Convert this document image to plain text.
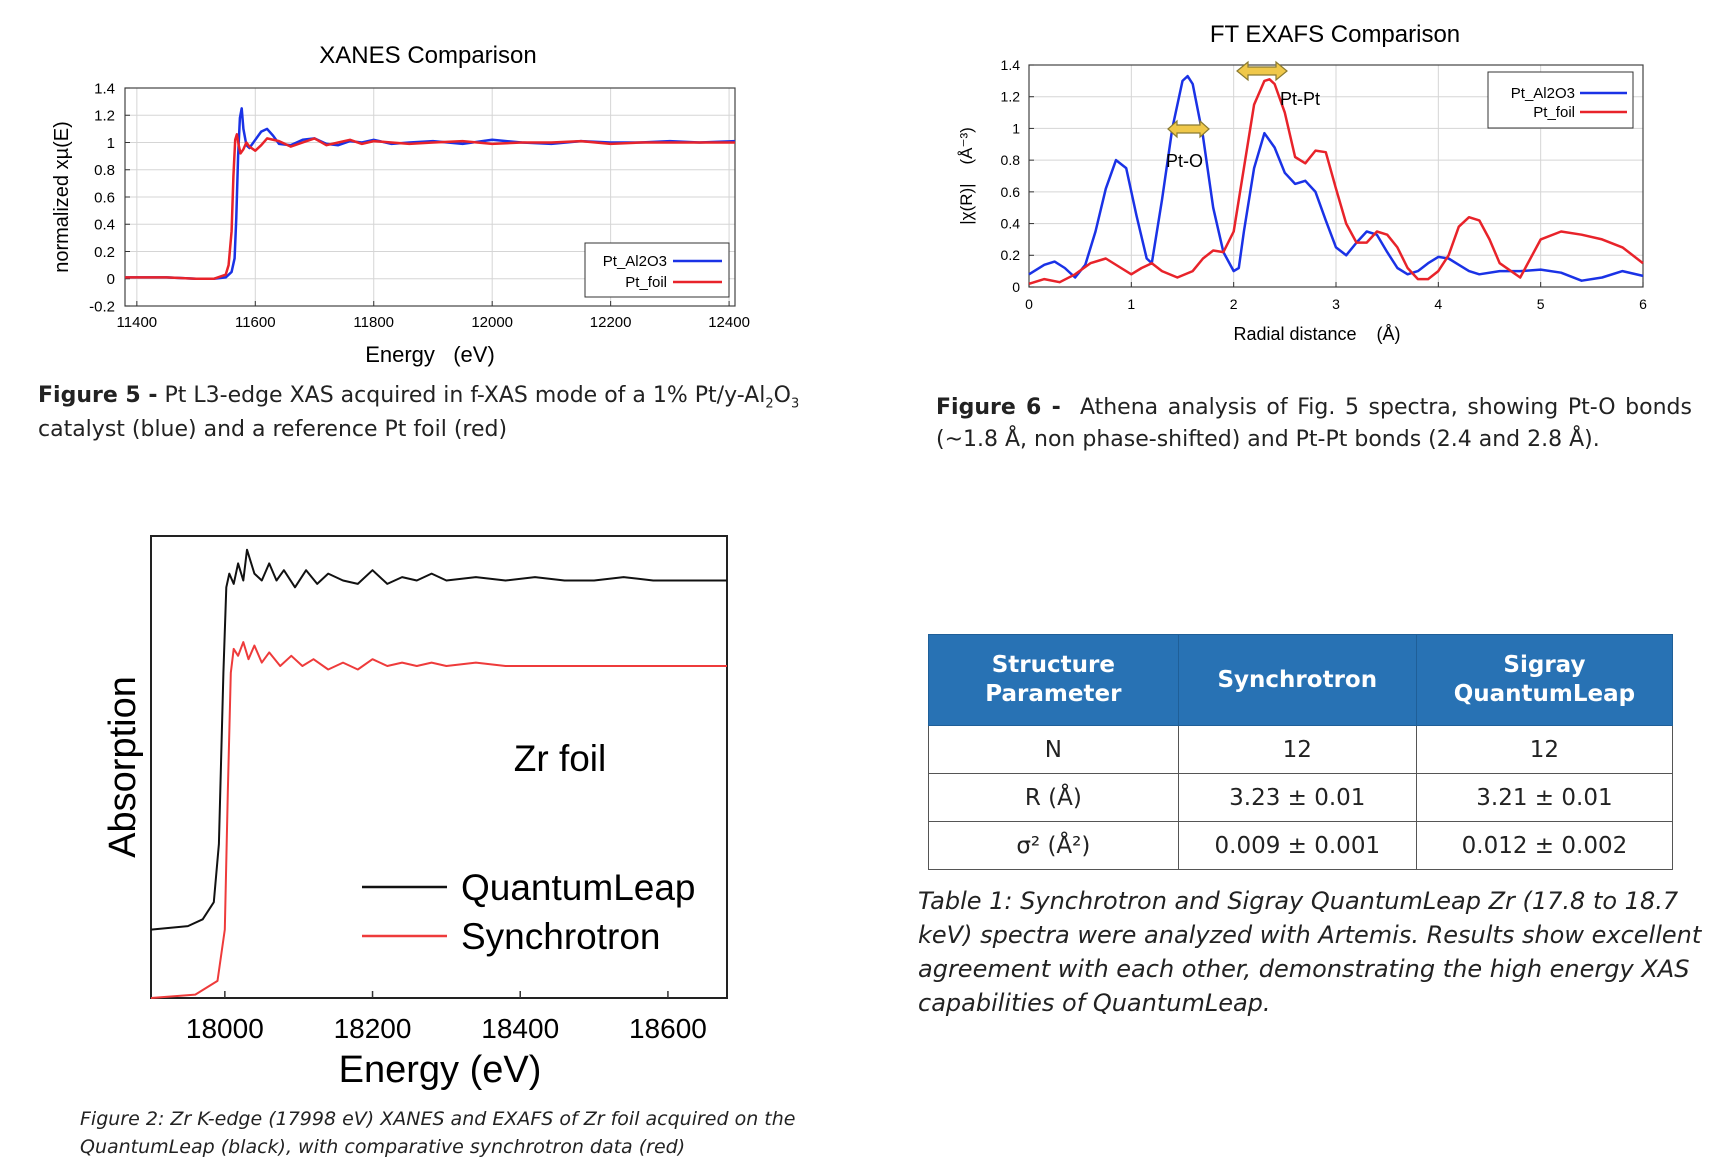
XANES Comparison
11400	11600	11800	12000	12200	12400
-0.2
0
0.2
0.4
0.6
0.8
1
1.2
1.4
Energy   (eV)
normalized xµ(E)	Pt_Al2O3
Pt_foil
Figure 5 - Pt L3-edge XAS acquired in f-XAS mode of a 1% $Pt/y-Al_2O_3$
catalyst (blue) and a reference Pt foil (red)
FT EXAFS Comparison
0	1	2	3	4	5	6
0
0.2
0.4
0.6
0.8
1
1.2
1.4
Pt-O
Pt-Pt	Pt_Al2O3
Pt_foil
Radial distance    (Å)
|χ(R)|    (Å⁻³)
Figure 6 - Athena analysis of Fig. 5 spectra, showing Pt-O bonds (~1.8 Å, non phase-shifted) and Pt-Pt bonds (2.4 and 2.8 Å).
18000 18200 18400 18600
Zr foil
QuantumLeap
Synchrotron
Energy (eV)
Absorption
Figure 2: Zr K-edge (17998 eV) XANES and EXAFS of Zr foil acquired on the
QuantumLeap (black), with comparative synchrotron data (red)
Structure Parameter	Synchrotron	Sigray QuantumLeap
N	12	12
R (Å)	3.23 ± 0.01	3.21 ± 0.01
σ² (Å²)	0.009 ± 0.001	0.012 ± 0.002
Table 1: Synchrotron and Sigray QuantumLeap Zr (17.8 to 18.7 keV) spectra were analyzed with Artemis. Results show excellent agreement with each other, demonstrating the high energy XAS capabilities of QuantumLeap.
